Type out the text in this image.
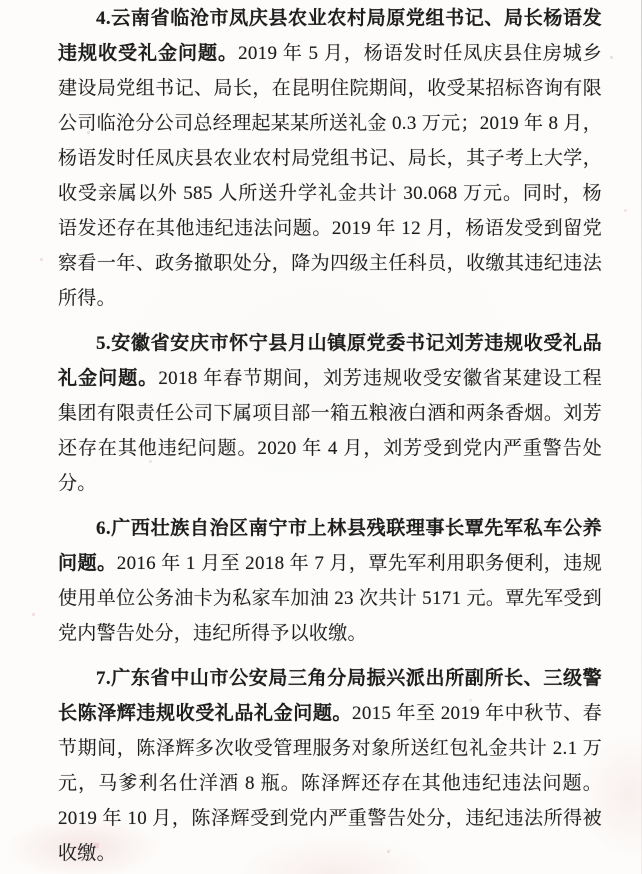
4.云南省临沧市凤庆县农业农村局原党组书记、局长杨语发违规收受礼金问题。2019 年 5 月，杨语发时任凤庆县住房城乡建设局党组书记、局长，在昆明住院期间，收受某招标咨询有限公司临沧分公司总经理起某某所送礼金 0.3 万元；2019 年 8 月，杨语发时任凤庆县农业农村局党组书记、局长，其子考上大学，收受亲属以外 585 人所送升学礼金共计 30.068 万元。同时，杨语发还存在其他违纪违法问题。2019 年 12 月，杨语发受到留党察看一年、政务撤职处分，降为四级主任科员，收缴其违纪违法所得。

5.安徽省安庆市怀宁县月山镇原党委书记刘芳违规收受礼品礼金问题。2018 年春节期间，刘芳违规收受安徽省某建设工程集团有限责任公司下属项目部一箱五粮液白酒和两条香烟。刘芳还存在其他违纪问题。2020 年 4 月，刘芳受到党内严重警告处分。

6.广西壮族自治区南宁市上林县残联理事长覃先军私车公养问题。2016 年 1 月至 2018 年 7 月，覃先军利用职务便利，违规使用单位公务油卡为私家车加油 23 次共计 5171 元。覃先军受到党内警告处分，违纪所得予以收缴。

7.广东省中山市公安局三角分局振兴派出所副所长、三级警长陈泽辉违规收受礼品礼金问题。2015 年至 2019 年中秋节、春节期间，陈泽辉多次收受管理服务对象所送红包礼金共计 2.1 万元，马爹利名仕洋酒 8 瓶。陈泽辉还存在其他违纪违法问题。2019 年 10 月，陈泽辉受到党内严重警告处分，违纪违法所得被收缴。
